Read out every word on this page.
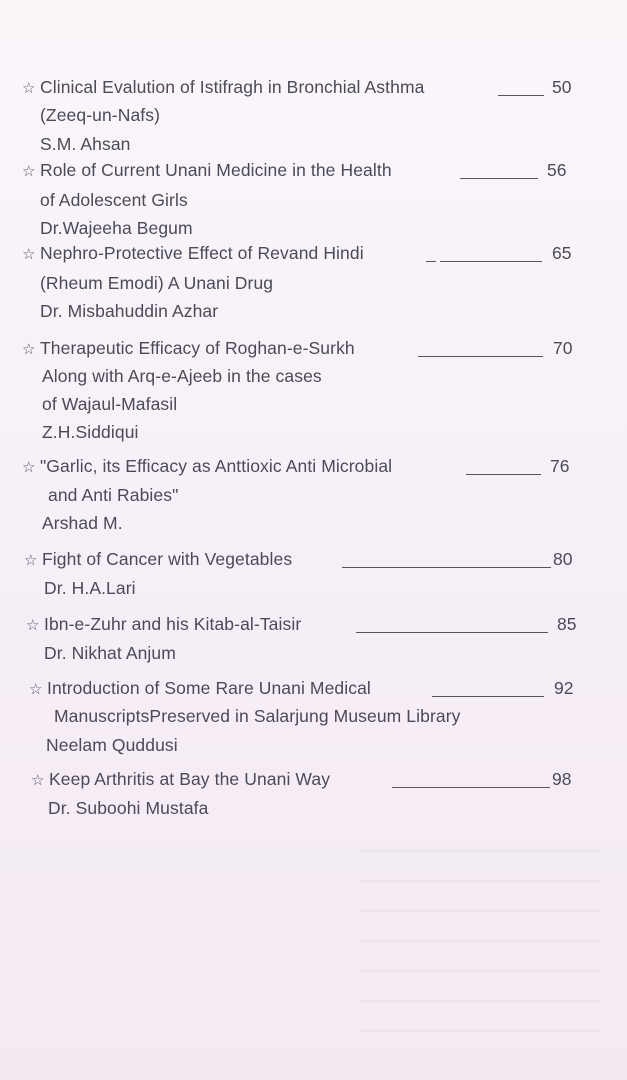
☆ Clinical Evalution of Istifragh in Bronchial Asthma	50
(Zeeq-un-Nafs)
S.M. Ahsan
☆ Role of Current Unani Medicine in the Health	56
of Adolescent Girls
Dr.Wajeeha Begum
☆ Nephro-Protective Effect of Revand Hindi	65
(Rheum Emodi) A Unani Drug
Dr. Misbahuddin Azhar
☆ Therapeutic Efficacy of Roghan-e-Surkh	70
Along with Arq-e-Ajeeb in the cases
of Wajaul-Mafasil
Z.H.Siddiqui
☆ "Garlic, its Efficacy as Anttioxic Anti Microbial	76
and Anti Rabies"
Arshad M.
☆ Fight of Cancer with Vegetables	80
Dr. H.A.Lari
☆ Ibn-e-Zuhr and his Kitab-al-Taisir	85
Dr. Nikhat Anjum
☆ Introduction of Some Rare Unani Medical	92
ManuscriptsPreserved in Salarjung Museum Library
Neelam Quddusi
☆ Keep Arthritis at Bay the Unani Way	98
Dr. Suboohi Mustafa
